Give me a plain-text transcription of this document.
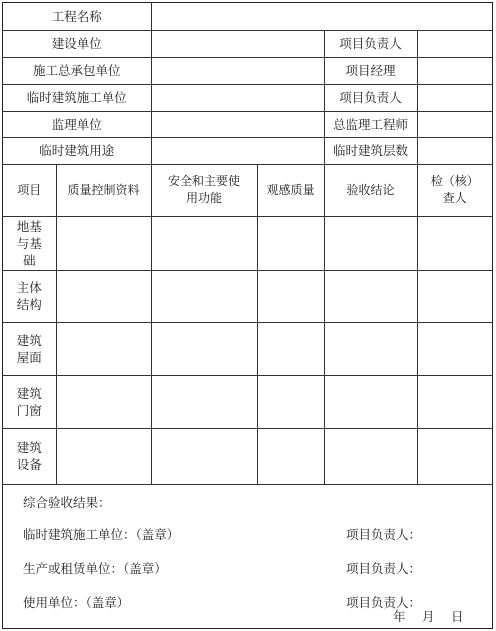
工程名称					
建设单位				项目负责人	
施工总承包单位				项目经理	
临时建筑施工单位				项目负责人	
监理单位				总监理工程师	
临时建筑用途				临时建筑层数	
项目	质量控制资料	安全和主要使用功能	观感质量	验收结论	检（核）查人

地基与基础					

主体结构					

建筑屋面					

建筑门窗					

建筑设备					

综合验收结果：
临时建筑施工单位：（盖章）	项目负责人：
生产或租赁单位：（盖章）	项目负责人：
使用单位：（盖章）	项目负责人：
年　月　日
